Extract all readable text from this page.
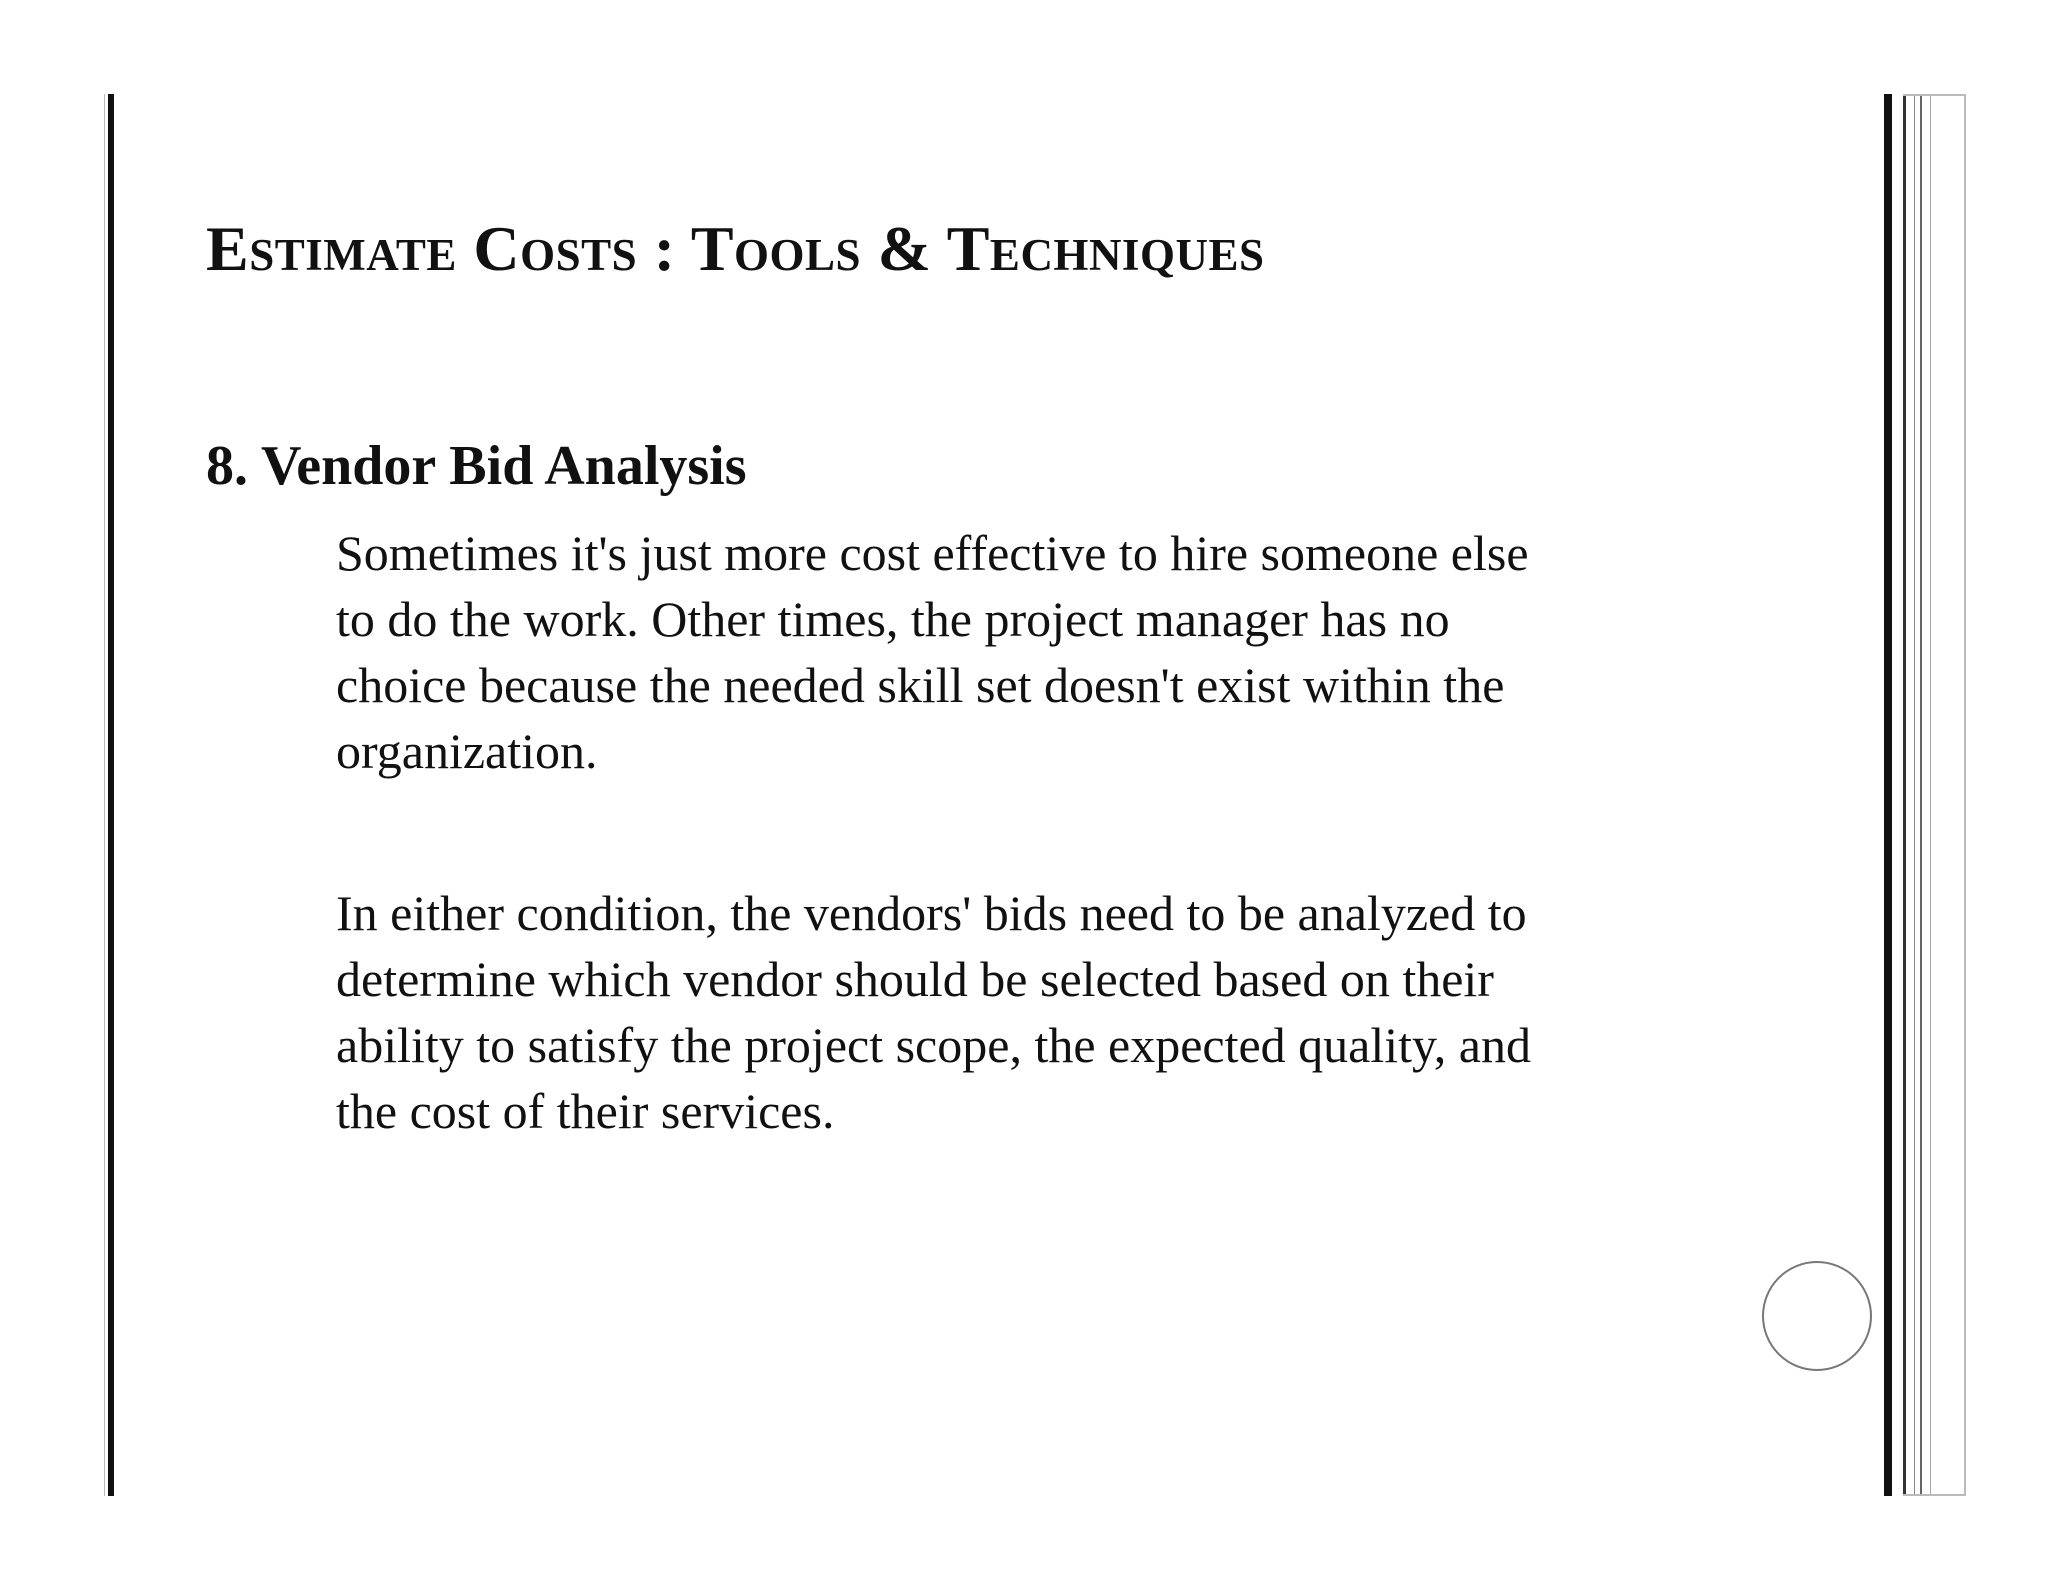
Estimate Costs : Tools & Techniques
8. Vendor Bid Analysis

Sometimes it's just more cost effective to hire someone else to do the work. Other times, the project manager has no choice because the needed skill set doesn't exist within the organization.

In either condition, the vendors' bids need to be analyzed to determine which vendor should be selected based on their ability to satisfy the project scope, the expected quality, and the cost of their services.
